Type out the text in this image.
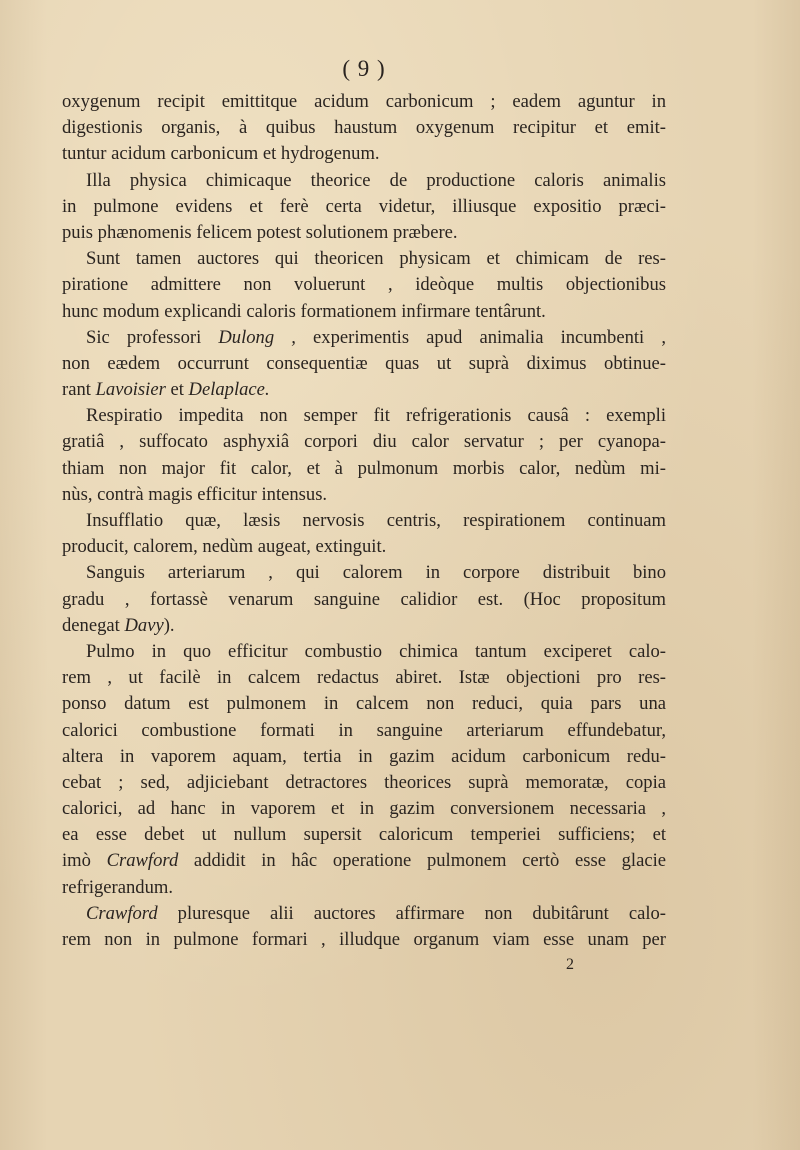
( 9 )
oxygenum recipit emittitque acidum carbonicum ; eadem aguntur in
digestionis organis, à quibus haustum oxygenum recipitur et emit-
tuntur acidum carbonicum et hydrogenum.
Illa physica chimicaque theorice de productione caloris animalis
in pulmone evidens et ferè certa videtur, illiusque expositio præci-
puis phænomenis felicem potest solutionem præbere.
Sunt tamen auctores qui theoricen physicam et chimicam de res-
piratione admittere non voluerunt , ideòque multis objectionibus
hunc modum explicandi caloris formationem infirmare tentârunt.
Sic professori Dulong , experimentis apud animalia incumbenti ,
non eædem occurrunt consequentiæ quas ut suprà diximus obtinue-
rant Lavoisier et Delaplace.
Respiratio impedita non semper fit refrigerationis causâ : exempli
gratiâ , suffocato asphyxiâ corpori diu calor servatur ; per cyanopa-
thiam non major fit calor, et à pulmonum morbis calor, nedùm mi-
nùs, contrà magis efficitur intensus.
Insufflatio quæ, læsis nervosis centris, respirationem continuam
producit, calorem, nedùm augeat, extinguit.
Sanguis arteriarum , qui calorem in corpore distribuit bino
gradu , fortassè venarum sanguine calidior est. (Hoc propositum
denegat Davy).
Pulmo in quo efficitur combustio chimica tantum exciperet calo-
rem , ut facilè in calcem redactus abiret. Istæ objectioni pro res-
ponso datum est pulmonem in calcem non reduci, quia pars una
calorici combustione formati in sanguine arteriarum effundebatur,
altera in vaporem aquam, tertia in gazim acidum carbonicum redu-
cebat ; sed, adjiciebant detractores theorices suprà memoratæ, copia
calorici, ad hanc in vaporem et in gazim conversionem necessaria ,
ea esse debet ut nullum supersit caloricum temperiei sufficiens; et
imò Crawford addidit in hâc operatione pulmonem certò esse glacie
refrigerandum.
Crawford pluresque alii auctores affirmare non dubitârunt calo-
rem non in pulmone formari , illudque organum viam esse unam per
2
